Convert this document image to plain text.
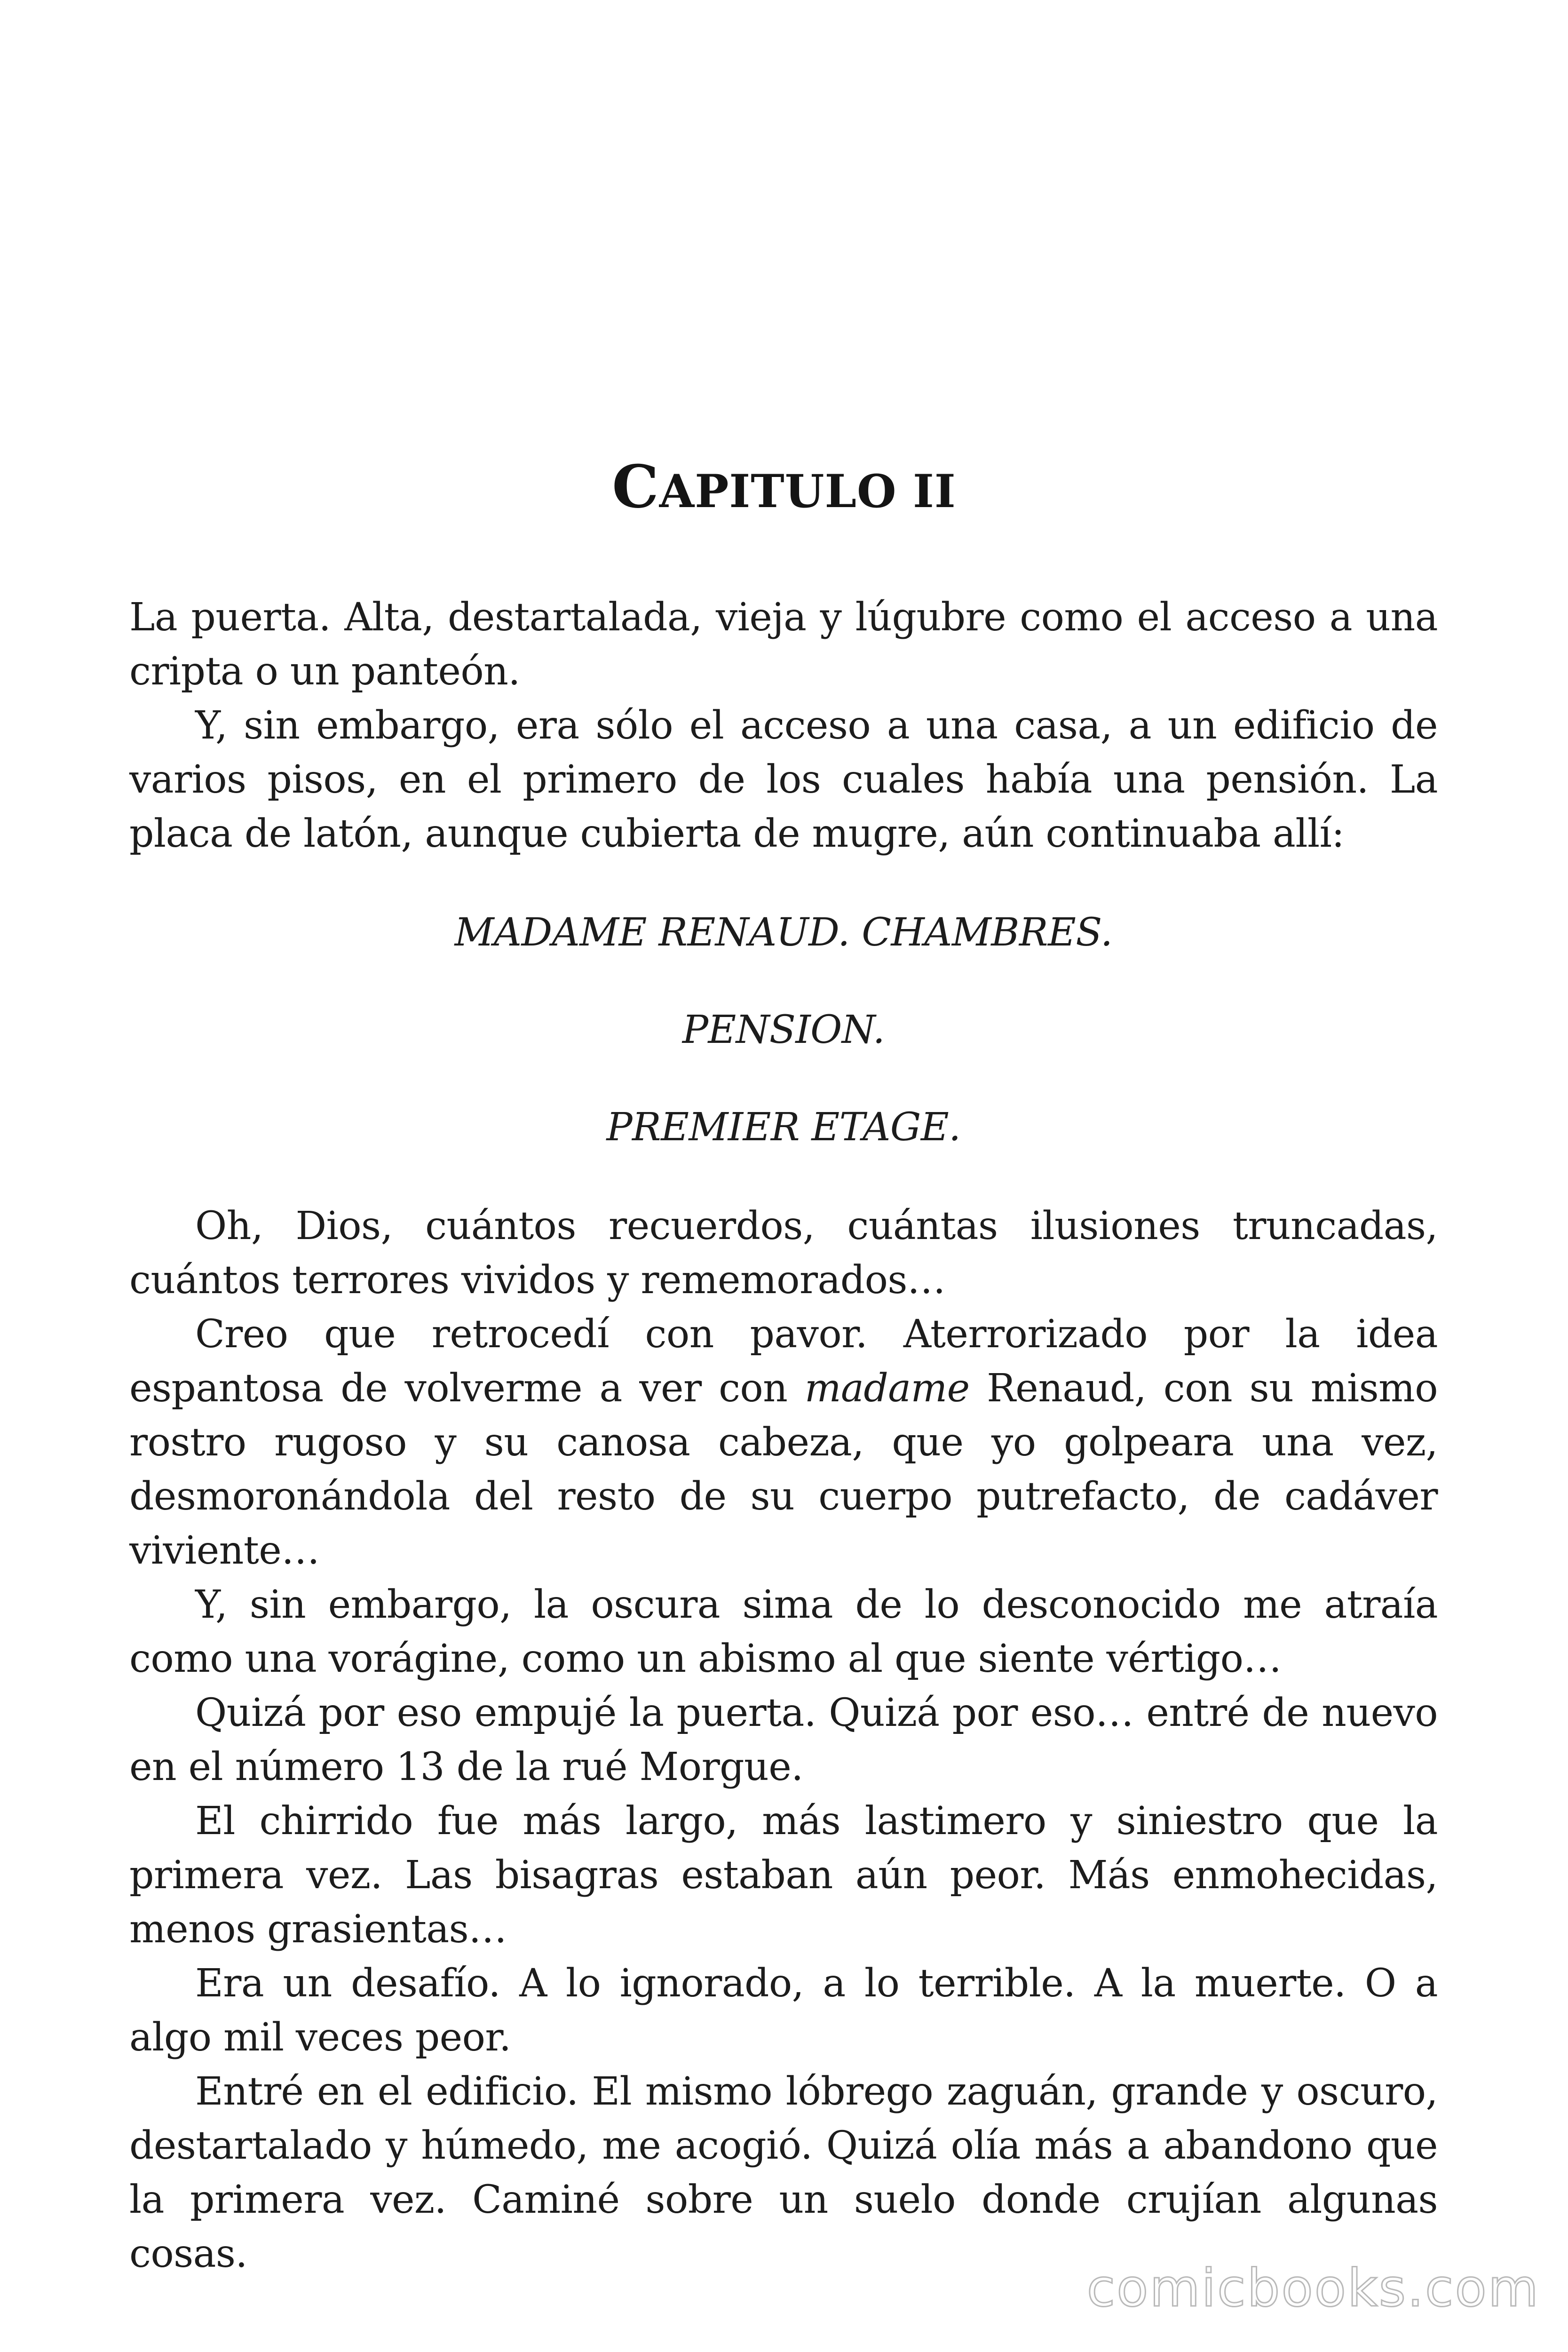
CAPITULO II

La puerta. Alta, destartalada, vieja y lúgubre como el acceso a una cripta o un panteón.

Y, sin embargo, era sólo el acceso a una casa, a un edificio de varios pisos, en el primero de los cuales había una pensión. La placa de latón, aunque cubierta de mugre, aún continuaba allí:

MADAME RENAUD. CHAMBRES.

PENSION.

PREMIER ETAGE.

Oh, Dios, cuántos recuerdos, cuántas ilusiones truncadas, cuántos terrores vividos y rememorados…

Creo que retrocedí con pavor. Aterrorizado por la idea espantosa de volverme a ver con madame Renaud, con su mismo rostro rugoso y su canosa cabeza, que yo golpeara una vez, desmoronándola del resto de su cuerpo putrefacto, de cadáver viviente…

Y, sin embargo, la oscura sima de lo desconocido me atraía como una vorágine, como un abismo al que siente vértigo…

Quizá por eso empujé la puerta. Quizá por eso… entré de nuevo en el número 13 de la rué Morgue.

El chirrido fue más largo, más lastimero y siniestro que la primera vez. Las bisagras estaban aún peor. Más enmohecidas, menos grasientas…

Era un desafío. A lo ignorado, a lo terrible. A la muerte. O a algo mil veces peor.

Entré en el edificio. El mismo lóbrego zaguán, grande y oscuro, destartalado y húmedo, me acogió. Quizá olía más a abandono que la primera vez. Caminé sobre un suelo donde crujían algunas cosas.

comicbooks.com
